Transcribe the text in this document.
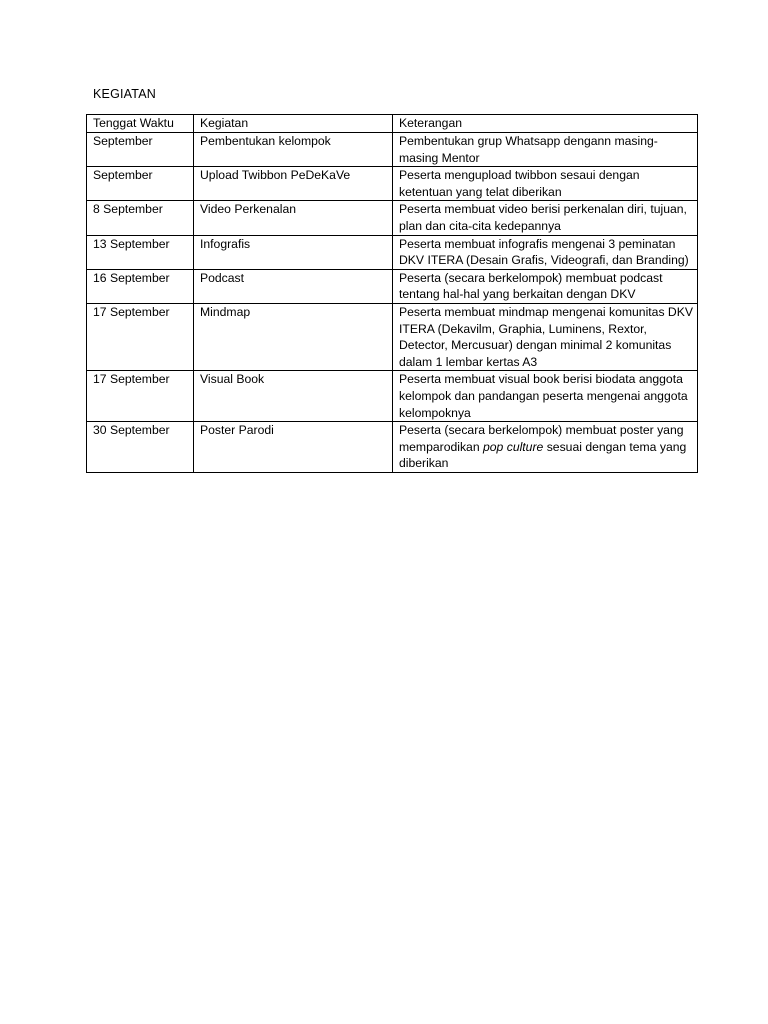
KEGIATAN
Tenggat Waktu	Kegiatan	Keterangan
September	Pembentukan kelompok	Pembentukan grup Whatsapp dengann masing-masing Mentor
September	Upload Twibbon PeDeKaVe	Peserta mengupload twibbon sesaui dengan ketentuan yang telat diberikan
8 September	Video Perkenalan	Peserta membuat video berisi perkenalan diri, tujuan, plan dan cita-cita kedepannya
13 September	Infografis	Peserta membuat infografis mengenai 3 peminatan DKV ITERA (Desain Grafis, Videografi, dan Branding)
16 September	Podcast	Peserta (secara berkelompok) membuat podcast tentang hal-hal yang berkaitan dengan DKV
17 September	Mindmap	Peserta membuat mindmap mengenai komunitas DKV ITERA (Dekavilm, Graphia, Luminens, Rextor, Detector, Mercusuar) dengan minimal 2 komunitas dalam 1 lembar kertas A3
17 September	Visual Book	Peserta membuat visual book berisi biodata anggota kelompok dan pandangan peserta mengenai anggota kelompoknya
30 September	Poster Parodi	Peserta (secara berkelompok) membuat poster yang memparodikan pop culture sesuai dengan tema yang diberikan
